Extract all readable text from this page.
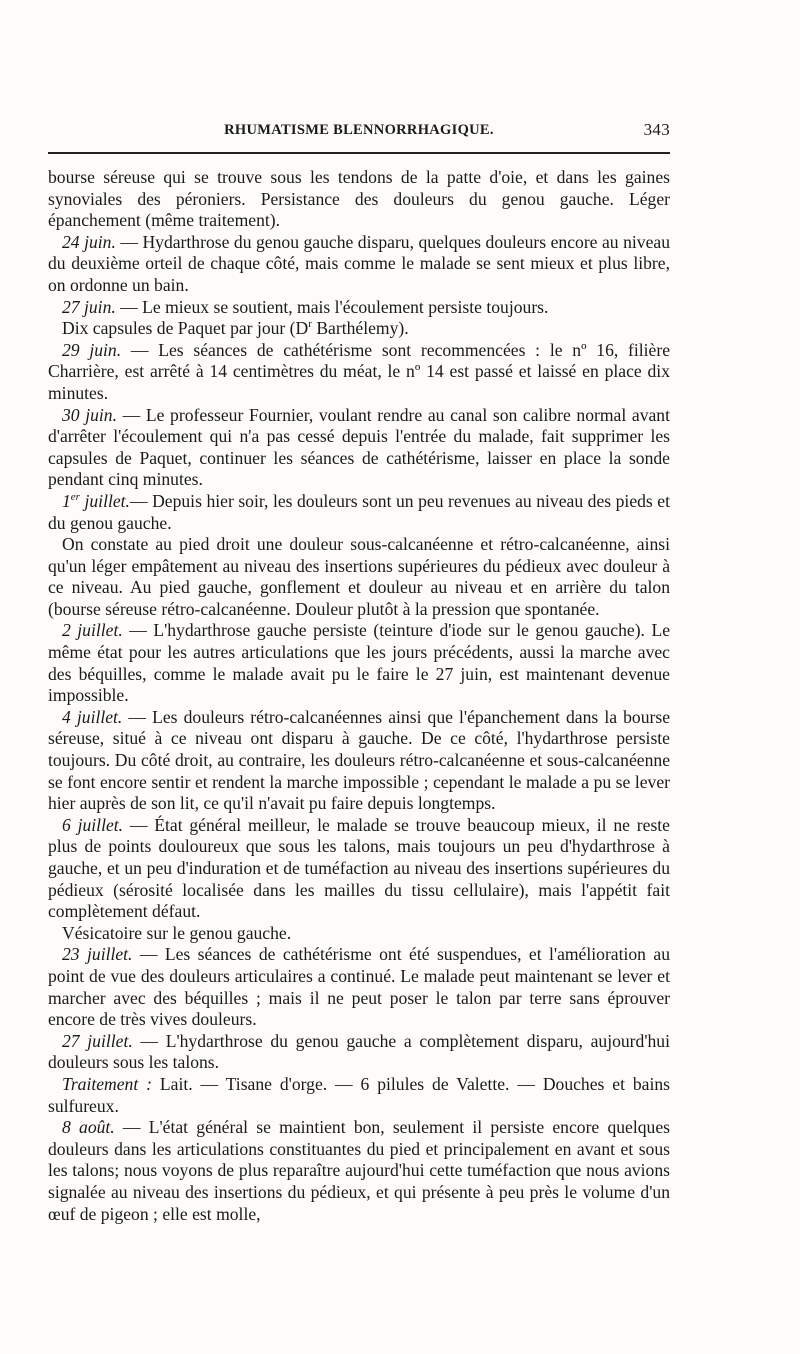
RHUMATISME BLENNORRHAGIQUE.	343

bourse séreuse qui se trouve sous les tendons de la patte d'oie, et dans les gaines synoviales des péroniers. Persistance des douleurs du genou gauche. Léger épanchement (même traitement).

24 juin. — Hydarthrose du genou gauche disparu, quelques douleurs encore au niveau du deuxième orteil de chaque côté, mais comme le malade se sent mieux et plus libre, on ordonne un bain.

27 juin. — Le mieux se soutient, mais l'écoulement persiste toujours.

Dix capsules de Paquet par jour ($D^r$ Barthélemy).

29 juin. — Les séances de cathétérisme sont recommencées : le nº 16, filière Charrière, est arrêté à 14 centimètres du méat, le nº 14 est passé et laissé en place dix minutes.

30 juin. — Le professeur Fournier, voulant rendre au canal son calibre normal avant d'arrêter l'écoulement qui n'a pas cessé depuis l'entrée du malade, fait supprimer les capsules de Paquet, continuer les séances de cathétérisme, laisser en place la sonde pendant cinq minutes.

1er juillet.— Depuis hier soir, les douleurs sont un peu revenues au niveau des pieds et du genou gauche.

On constate au pied droit une douleur sous-calcanéenne et rétro-calcanéenne, ainsi qu'un léger empâtement au niveau des insertions supérieures du pédieux avec douleur à ce niveau. Au pied gauche, gonflement et douleur au niveau et en arrière du talon (bourse séreuse rétro-calcanéenne. Douleur plutôt à la pression que spontanée.

2 juillet. — L'hydarthrose gauche persiste (teinture d'iode sur le genou gauche). Le même état pour les autres articulations que les jours précédents, aussi la marche avec des béquilles, comme le malade avait pu le faire le 27 juin, est maintenant devenue impossible.

4 juillet. — Les douleurs rétro-calcanéennes ainsi que l'épanchement dans la bourse séreuse, situé à ce niveau ont disparu à gauche. De ce côté, l'hydarthrose persiste toujours. Du côté droit, au contraire, les douleurs rétro-calcanéenne et sous-calcanéenne se font encore sentir et rendent la marche impossible ; cependant le malade a pu se lever hier auprès de son lit, ce qu'il n'avait pu faire depuis longtemps.

6 juillet. — État général meilleur, le malade se trouve beaucoup mieux, il ne reste plus de points douloureux que sous les talons, mais toujours un peu d'hydarthrose à gauche, et un peu d'induration et de tuméfaction au niveau des insertions supérieures du pédieux (sérosité localisée dans les mailles du tissu cellulaire), mais l'appétit fait complètement défaut.

Vésicatoire sur le genou gauche.

23 juillet. — Les séances de cathétérisme ont été suspendues, et l'amélioration au point de vue des douleurs articulaires a continué. Le malade peut maintenant se lever et marcher avec des béquilles ; mais il ne peut poser le talon par terre sans éprouver encore de très vives douleurs.

27 juillet. — L'hydarthrose du genou gauche a complètement disparu, aujourd'hui douleurs sous les talons.

Traitement : Lait. — Tisane d'orge. — 6 pilules de Valette. — Douches et bains sulfureux.

8 août. — L'état général se maintient bon, seulement il persiste encore quelques douleurs dans les articulations constituantes du pied et principalement en avant et sous les talons; nous voyons de plus reparaître aujourd'hui cette tuméfaction que nous avions signalée au niveau des insertions du pédieux, et qui présente à peu près le volume d'un œuf de pigeon ; elle est molle,
